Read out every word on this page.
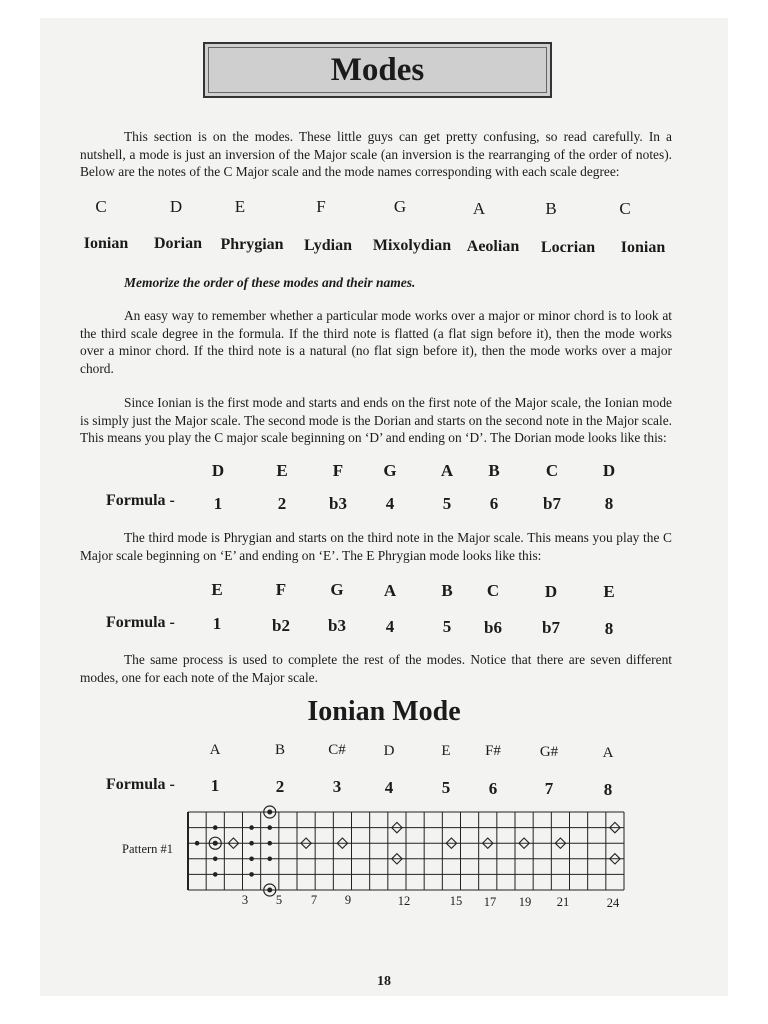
Modes
This section is on the modes. These little guys can get pretty confusing, so read carefully. In a nutshell, a mode is just an inversion of the Major scale (an inversion is the rearranging of the order of notes). Below are the notes of the C Major scale and the mode names corresponding with each scale degree:
C	D	E	F	G	A	B	C
Ionian Dorian Phrygian Lydian Mixolydian Aeolian Locrian Ionian
Memorize the order of these modes and their names.
An easy way to remember whether a particular mode works over a major or minor chord is to look at the third scale degree in the formula. If the third note is flatted (a flat sign before it), then the mode works over a minor chord. If the third note is a natural (no flat sign before it), then the mode works over a major chord.
Since Ionian is the first mode and starts and ends on the first note of the Major scale, the Ionian mode is simply just the Major scale. The second mode is the Dorian and starts on the second note in the Major scale. This means you play the C major scale beginning on ‘D’ and ending on ‘D’. The Dorian mode looks like this:
D	E	F G	A B	C	D
Formula - 1	2	b3 4	5 6	b7	8
The third mode is Phrygian and starts on the third note in the Major scale. This means you play the C Major scale beginning on ‘E’ and ending on ‘E’. The E Phrygian mode looks like this:
E	F	G A	B C	D	E
Formula - 1	b2 b3 4	5 b6 b7	8
The same process is used to complete the rest of the modes. Notice that there are seven different modes, one for each note of the Major scale.
Ionian Mode
A	B	C#	D	E F#	G#	A
Formula - 1	2	3	4	5 6	7	8
Pattern #1
3 5 7 9	12	15 17 19 21	24
18
